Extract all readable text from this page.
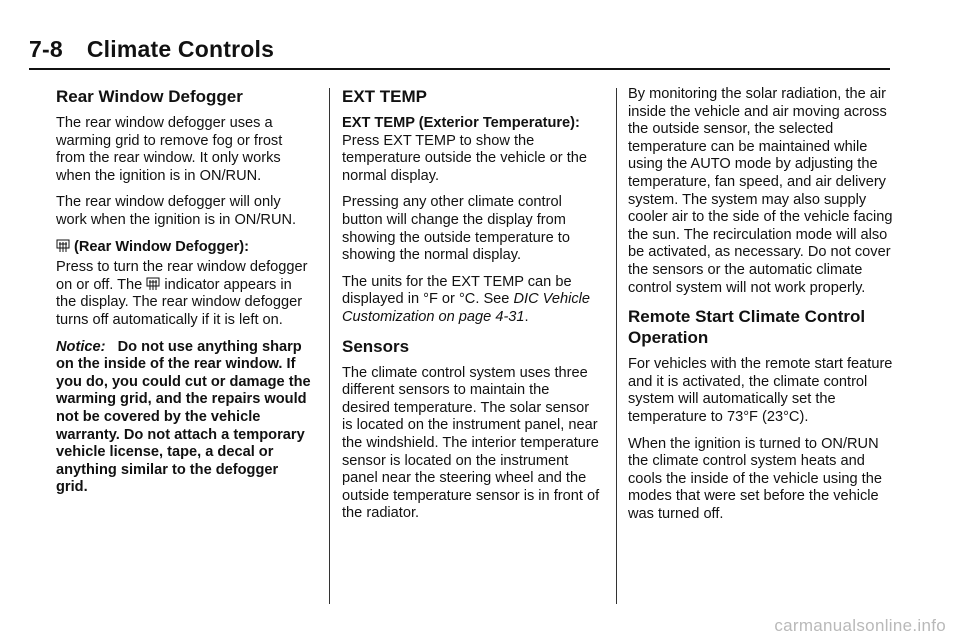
7-8 Climate Controls
Rear Window Defogger

The rear window defogger uses a warming grid to remove fog or frost from the rear window. It only works when the ignition is in ON/RUN.

The rear window defogger will only work when the ignition is in ON/RUN.

(Rear Window Defogger):

Press to turn the rear window defogger on or off. The indicator appears in the display. The rear window defogger turns off automatically if it is left on.

Notice: Do not use anything sharp on the inside of the rear window. If you do, you could cut or damage the warming grid, and the repairs would not be covered by the vehicle warranty. Do not attach a temporary vehicle license, tape, a decal or anything similar to the defogger grid.

EXT TEMP

EXT TEMP (Exterior Temperature):
Press EXT TEMP to show the temperature outside the vehicle or the normal display.

Pressing any other climate control button will change the display from showing the outside temperature to showing the normal display.

The units for the EXT TEMP can be displayed in °F or °C. See DIC Vehicle Customization on page 4-31.

Sensors

The climate control system uses three different sensors to maintain the desired temperature. The solar sensor is located on the instrument panel, near the windshield. The interior temperature sensor is located on the instrument panel near the steering wheel and the outside temperature sensor is in front of the radiator.

By monitoring the solar radiation, the air inside the vehicle and air moving across the outside sensor, the selected temperature can be maintained while using the AUTO mode by adjusting the temperature, fan speed, and air delivery system. The system may also supply cooler air to the side of the vehicle facing the sun. The recirculation mode will also be activated, as necessary. Do not cover the sensors or the automatic climate control system will not work properly.

Remote Start Climate Control Operation

For vehicles with the remote start feature and it is activated, the climate control system will automatically set the temperature to 73°F (23°C).

When the ignition is turned to ON/RUN the climate control system heats and cools the inside of the vehicle using the modes that were set before the vehicle was turned off.

carmanualsonline.info
